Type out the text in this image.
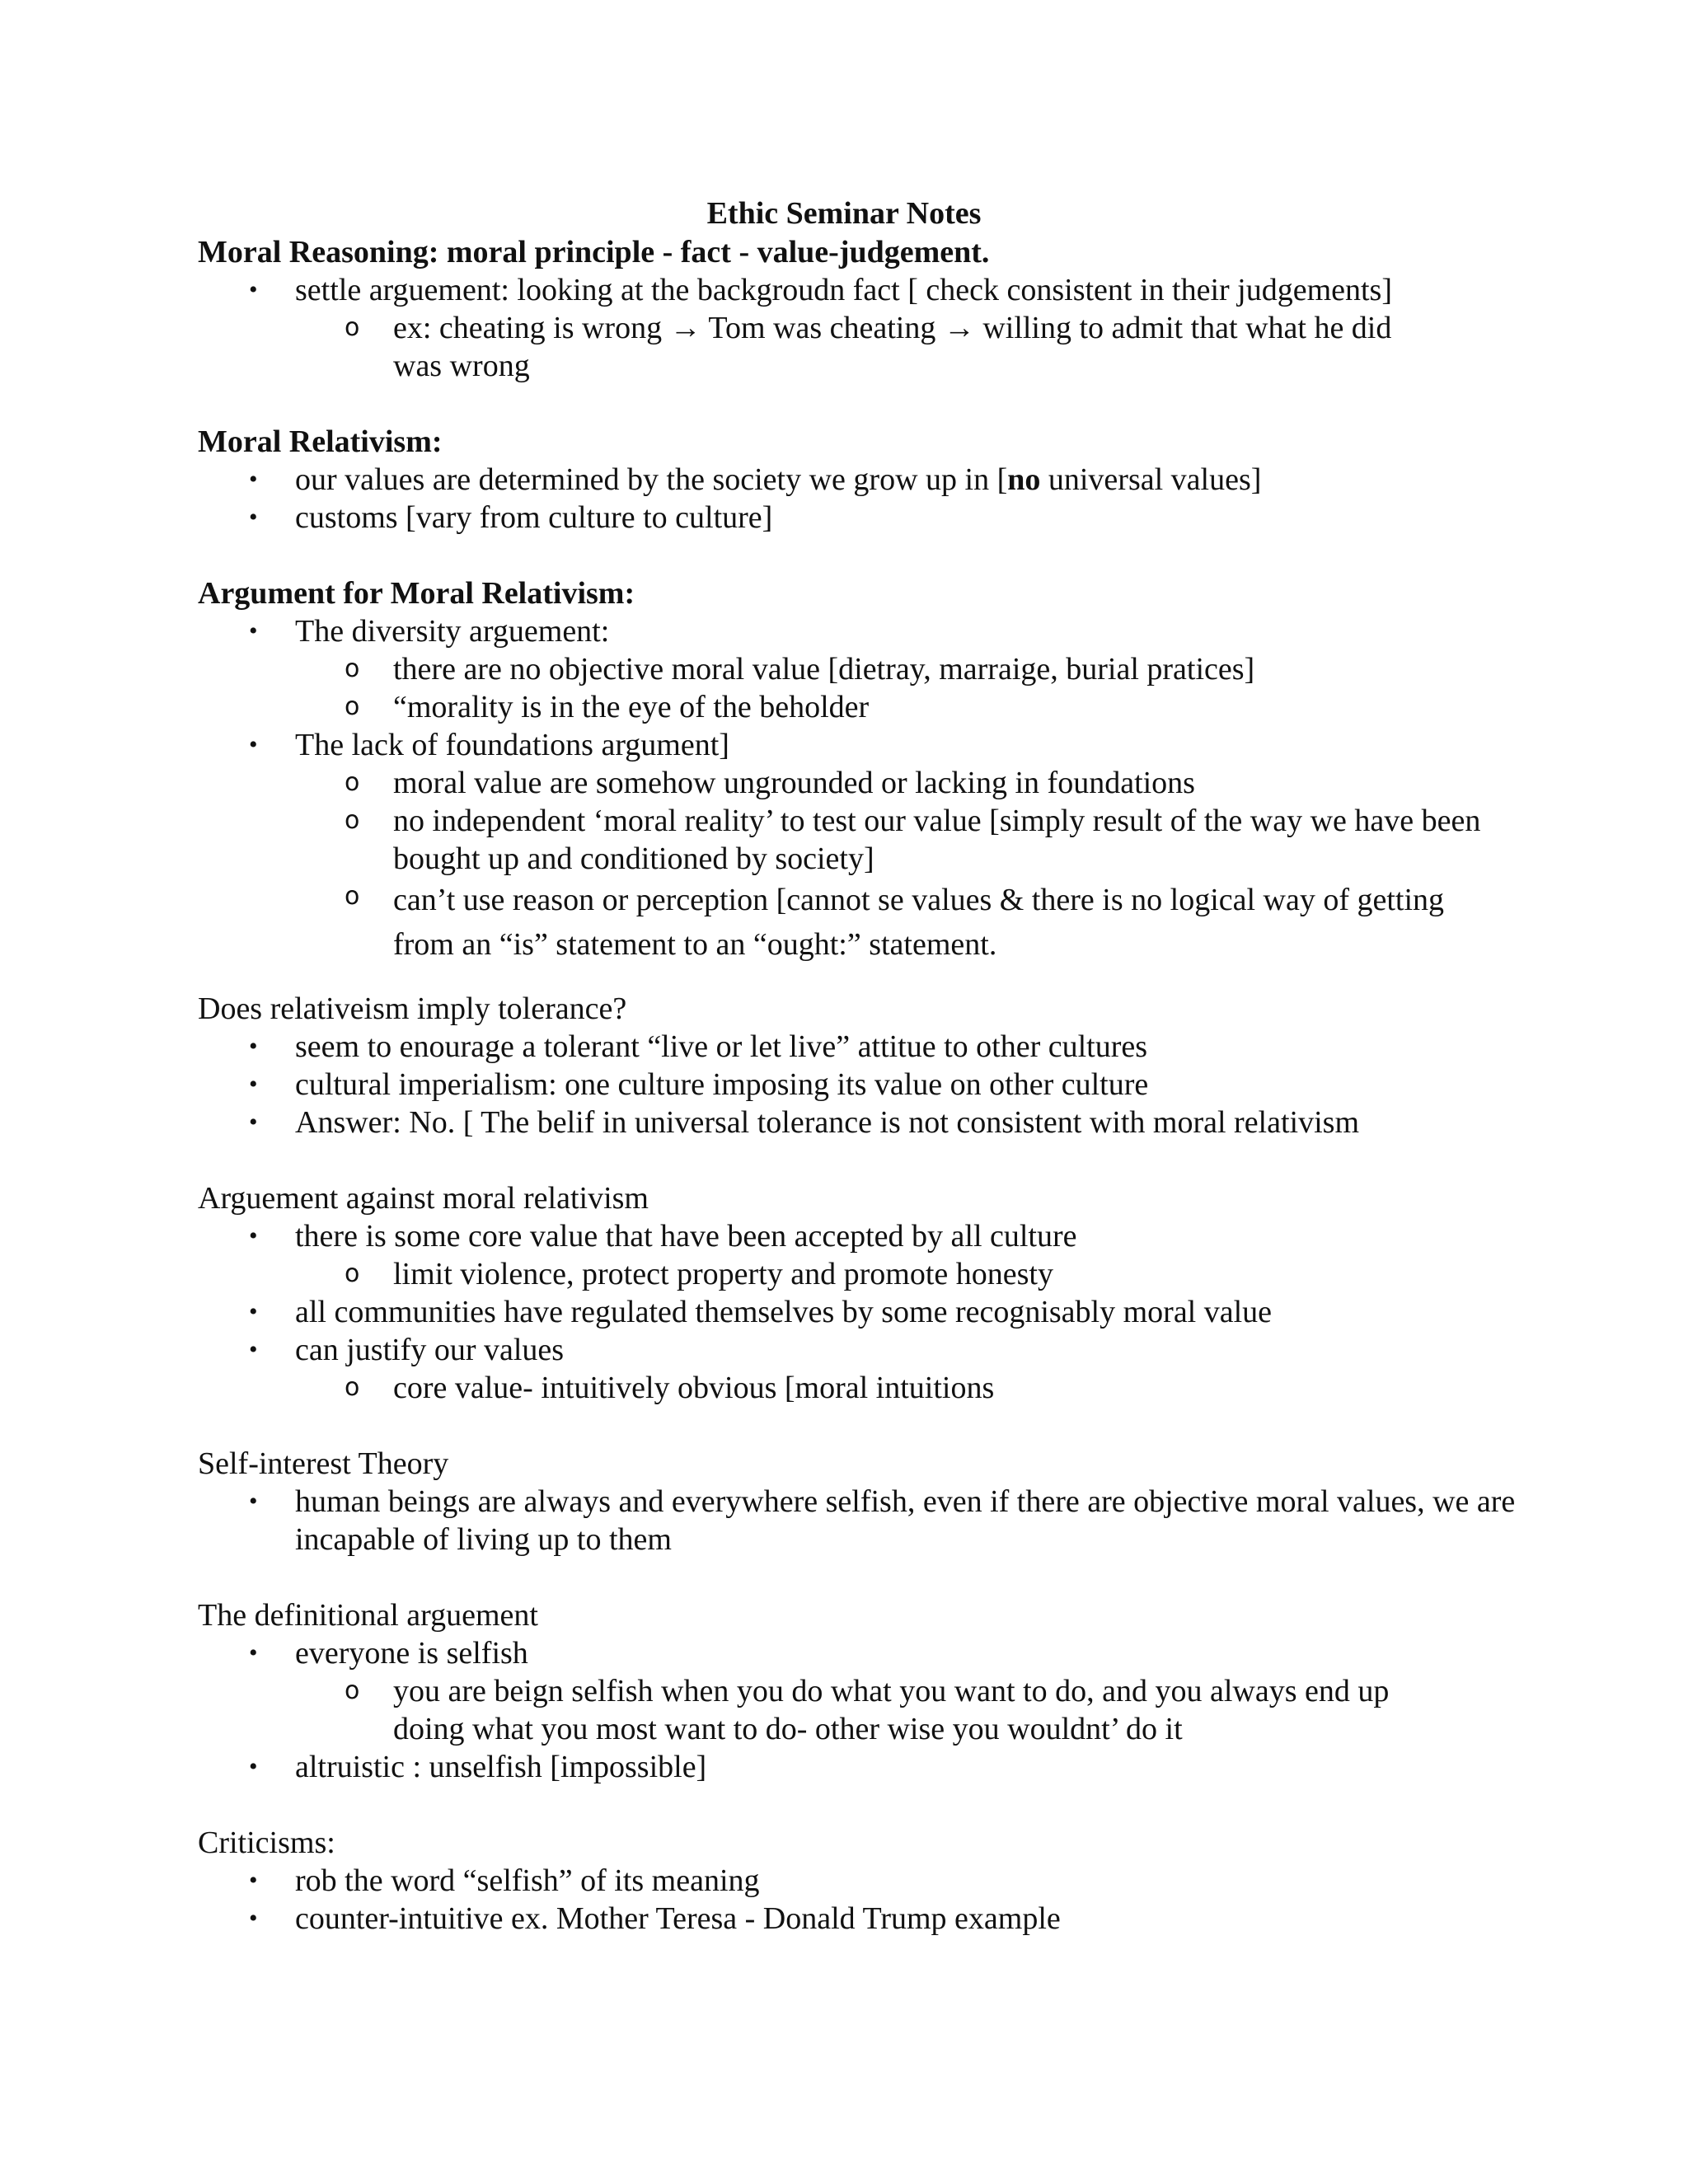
Ethic Seminar Notes
Moral Reasoning: moral principle - fact - value-judgement.
• settle arguement: looking at the backgroudn fact [ check consistent in their judgements]
o ex: cheating is wrong → Tom was cheating → willing to admit that what he did was wrong
Moral Relativism:
• our values are determined by the society we grow up in [no universal values]
• customs [vary from culture to culture]
Argument for Moral Relativism:
• The diversity arguement:
o there are no objective moral value [dietray, marraige, burial pratices]
o “morality is in the eye of the beholder
• The lack of foundations argument]
o moral value are somehow ungrounded or lacking in foundations
o no independent ‘moral reality’ to test our value [simply result of the way we have been bought up and conditioned by society]
o can’t use reason or perception [cannot se values & there is no logical way of getting from an “is” statement to an “ought:” statement.
Does relativeism imply tolerance?
• seem to enourage a tolerant “live or let live” attitue to other cultures
• cultural imperialism: one culture imposing its value on other culture
• Answer: No. [ The belif in universal tolerance is not consistent with moral relativism
Arguement against moral relativism
• there is some core value that have been accepted by all culture
o limit violence, protect property and promote honesty
• all communities have regulated themselves by some recognisably moral value
• can justify our values
o core value- intuitively obvious [moral intuitions
Self-interest Theory
• human beings are always and everywhere selfish, even if there are objective moral values, we are incapable of living up to them
The definitional arguement
• everyone is selfish
o you are beign selfish when you do what you want to do, and you always end up doing what you most want to do- other wise you wouldnt’ do it
• altruistic : unselfish [impossible]
Criticisms:
• rob the word “selfish” of its meaning
• counter-intuitive ex. Mother Teresa - Donald Trump example
